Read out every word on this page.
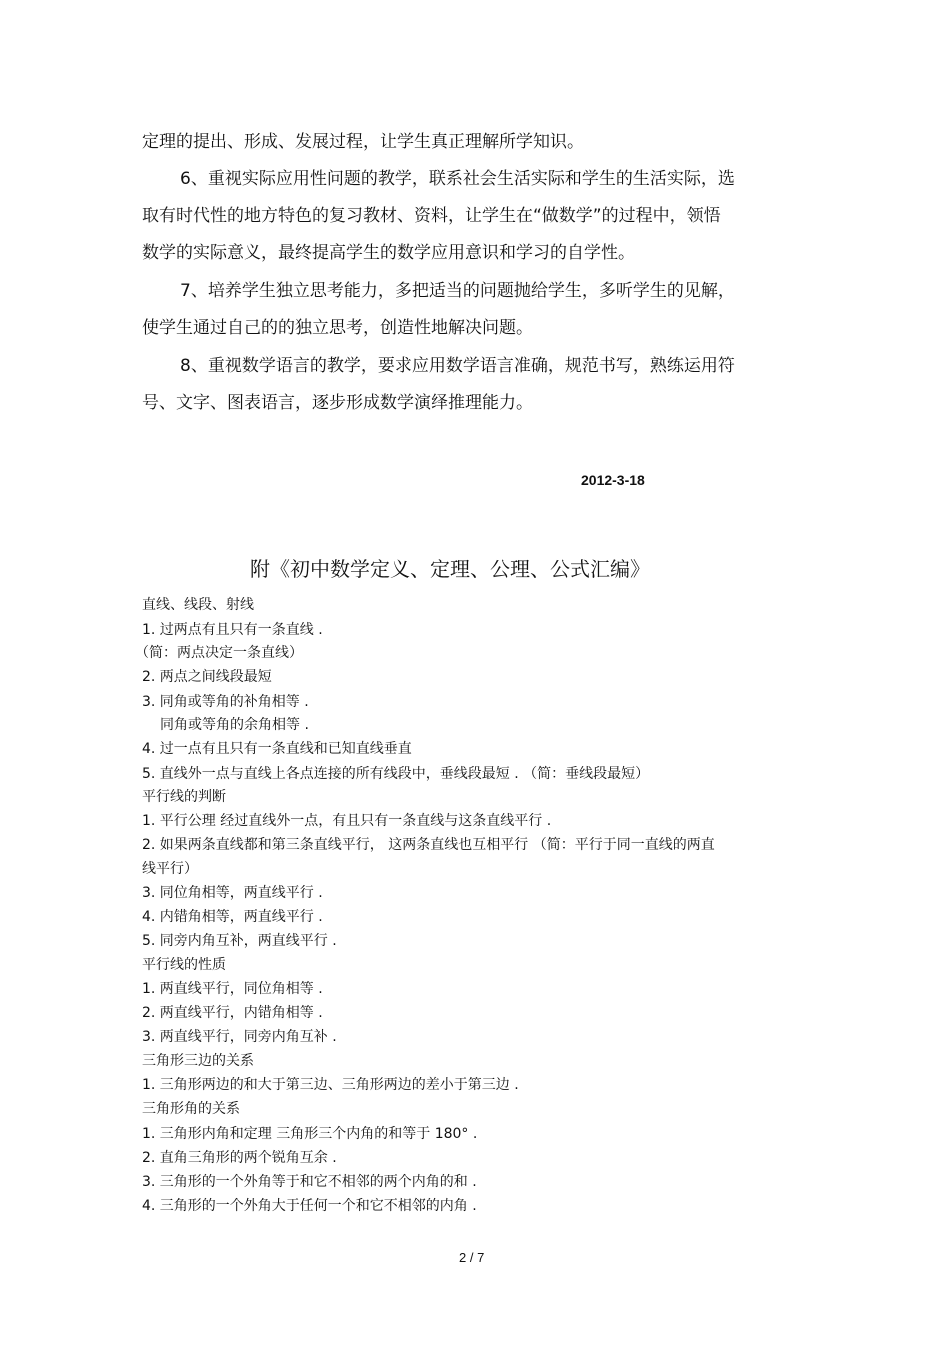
定理的提出、形成、发展过程，让学生真正理解所学知识。
6、重视实际应用性问题的教学，联系社会生活实际和学生的生活实际，选
取有时代性的地方特色的复习教材、资料，让学生在“做数学”的过程中，领悟
数学的实际意义，最终提高学生的数学应用意识和学习的自学性。
7、培养学生独立思考能力，多把适当的问题抛给学生，多听学生的见解，
使学生通过自己的的独立思考，创造性地解决问题。
8、重视数学语言的教学，要求应用数学语言准确，规范书写，熟练运用符
号、文字、图表语言，逐步形成数学演绎推理能力。
2012-3-18
附《初中数学定义、定理、公理、公式汇编》
直线、线段、射线
1. 过两点有且只有一条直线 .
（简：两点决定一条直线）
2. 两点之间线段最短
3. 同角或等角的补角相等 .
同角或等角的余角相等 .
4. 过一点有且只有一条直线和已知直线垂直
5. 直线外一点与直线上各点连接的所有线段中，垂线段最短 . （简：垂线段最短）
平行线的判断
1. 平行公理 经过直线外一点，有且只有一条直线与这条直线平行 .
2. 如果两条直线都和第三条直线平行， 这两条直线也互相平行 （简：平行于同一直线的两直
线平行）
3. 同位角相等，两直线平行 .
4. 内错角相等，两直线平行 .
5. 同旁内角互补，两直线平行 .
平行线的性质
1. 两直线平行，同位角相等 .
2. 两直线平行，内错角相等 .
3. 两直线平行，同旁内角互补 .
三角形三边的关系
1. 三角形两边的和大于第三边、三角形两边的差小于第三边 .
三角形角的关系
1. 三角形内角和定理 三角形三个内角的和等于 180° .
2. 直角三角形的两个锐角互余 .
3. 三角形的一个外角等于和它不相邻的两个内角的和 .
4. 三角形的一个外角大于任何一个和它不相邻的内角 .
2 / 7
